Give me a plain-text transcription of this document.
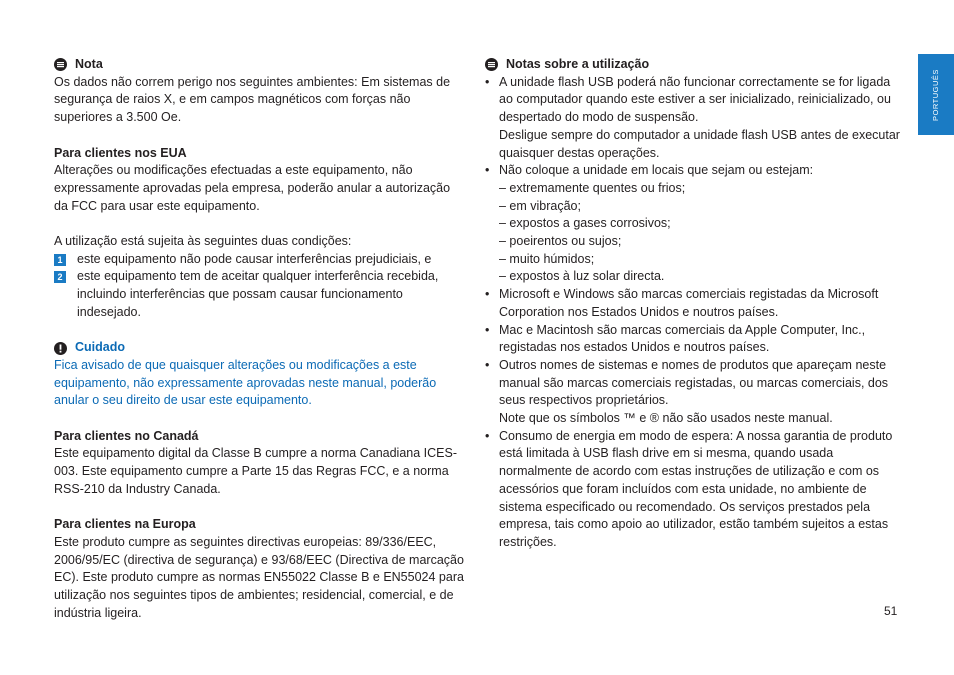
PORTUGUÊS
Nota

Os dados não correm perigo nos seguintes ambientes: Em sistemas de segurança de raios X, e em campos magnéticos com forças não superiores a 3.500 Oe.

Para clientes nos EUA

Alterações ou modificações efectuadas a este equipamento, não expressamente aprovadas pela empresa, poderão anular a autorização da FCC para usar este equipamento.

A utilização está sujeita às seguintes duas condições:

1 este equipamento não pode causar interferências prejudiciais, e
2 este equipamento tem de aceitar qualquer interferência recebida, incluindo interferências que possam causar funcionamento indesejado.
Cuidado

Fica avisado de que quaisquer alterações ou modificações a este equipamento, não expressamente aprovadas neste manual, poderão anular o seu direito de usar este equipamento.

Para clientes no Canadá

Este equipamento digital da Classe B cumpre a norma Canadiana ICES-003. Este equipamento cumpre a Parte 15 das Regras FCC, e a norma RSS-210 da Industry Canada.

Para clientes na Europa

Este produto cumpre as seguintes directivas europeias: 89/336/EEC, 2006/95/EC (directiva de segurança) e 93/68/EEC (Directiva de marcação EC). Este produto cumpre as normas EN55022 Classe B e EN55024 para utilização nos seguintes tipos de ambientes; residencial, comercial, e de indústria ligeira.

Notas sobre a utilização
• A unidade flash USB poderá não funcionar correctamente se for ligada ao computador quando este estiver a ser inicializado, reinicializado, ou despertado do modo de suspensão.
Desligue sempre do computador a unidade flash USB antes de executar quaisquer destas operações.
• Não coloque a unidade em locais que sejam ou estejam:
– extremamente quentes ou frios;
– em vibração;
– expostos a gases corrosivos;
– poeirentos ou sujos;
– muito húmidos;
– expostos à luz solar directa.
• Microsoft e Windows são marcas comerciais registadas da Microsoft Corporation nos Estados Unidos e noutros países.
• Mac e Macintosh são marcas comerciais da Apple Computer, Inc., registadas nos estados Unidos e noutros países.
• Outros nomes de sistemas e nomes de produtos que apareçam neste manual são marcas comerciais registadas, ou marcas comerciais, dos seus respectivos proprietários.
Note que os símbolos ™ e ® não são usados neste manual.
• Consumo de energia em modo de espera: A nossa garantia de produto está limitada à USB flash drive em si mesma, quando usada normalmente de acordo com estas instruções de utilização e com os acessórios que foram incluídos com esta unidade, no ambiente de sistema especificado ou recomendado. Os serviços prestados pela empresa, tais como apoio ao utilizador, estão também sujeitos a estas restrições.
51
